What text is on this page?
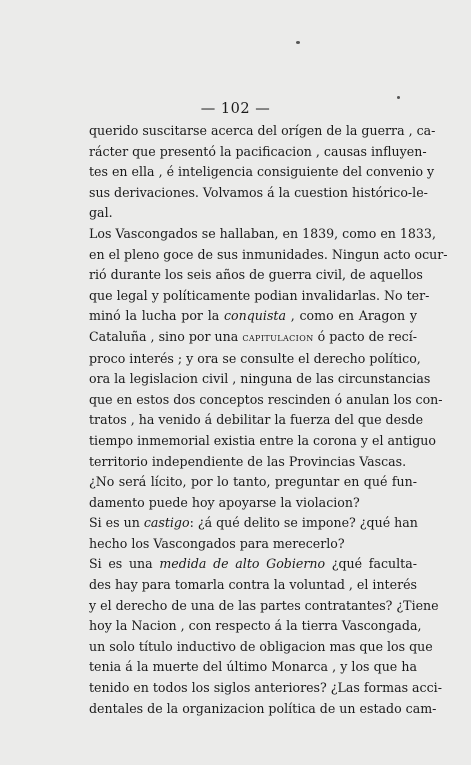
— 102 —

querido suscitarse acerca del orígen de la guerra , ca-
rácter que presentó la pacificacion , causas influyen-
tes en ella , é inteligencia consiguiente del convenio y
sus derivaciones. Volvamos á la cuestion histórico-le-
gal.

Los Vascongados se hallaban, en 1839, como en 1833,
en el pleno goce de sus inmunidades. Ningun acto ocur-
rió durante los seis años de guerra civil, de aquellos
que legal y políticamente podian invalidarlas. No ter-
minó la lucha por la conquista , como en Aragon y
Cataluña , sino por una capitulacion ó pacto de recí-
proco interés ; y ora se consulte el derecho político,
ora la legislacion civil , ninguna de las circunstancias
que en estos dos conceptos rescinden ó anulan los con-
tratos , ha venido á debilitar la fuerza del que desde
tiempo inmemorial existia entre la corona y el antiguo
territorio independiente de las Provincias Vascas.

¿No será lícito, por lo tanto, preguntar en qué fun-
damento puede hoy apoyarse la violacion?

Si es un castigo: ¿á qué delito se impone? ¿qué han
hecho los Vascongados para merecerlo?

Si es una medida de alto Gobierno ¿qué faculta-
des hay para tomarla contra la voluntad , el interés
y el derecho de una de las partes contratantes? ¿Tiene
hoy la Nacion , con respecto á la tierra Vascongada,
un solo título inductivo de obligacion mas que los que
tenia á la muerte del último Monarca , y los que ha
tenido en todos los siglos anteriores? ¿Las formas acci-
dentales de la organizacion política de un estado cam-
